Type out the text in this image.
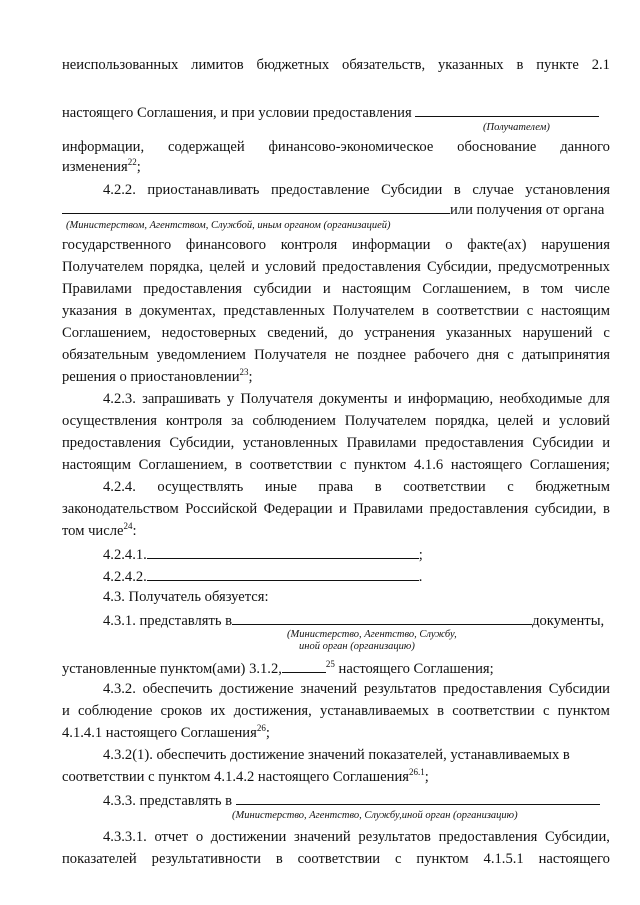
неиспользованных лимитов бюджетных обязательств, указанных в пункте 2.1
настоящего Соглашения, и при условии предоставления
(Получателем)
информации, содержащей финансово-экономическое обоснование данного
изменения$^{22}$;
4.2.2. приостанавливать предоставление Субсидии в случае установления
или получения от органа
(Министерством, Агентством, Службой, иным органом (организацией)
государственного финансового контроля информации о факте(ах) нарушения
Получателем порядка, целей и условий предоставления Субсидии, предусмотренных
Правилами предоставления субсидии и настоящим Соглашением, в том числе
указания в документах, представленных Получателем в соответствии с настоящим
Соглашением, недостоверных сведений, до устранения указанных нарушений с
обязательным уведомлением Получателя не позднее рабочего дня с датыпринятия
решения о приостановлении$^{23}$;
4.2.3. запрашивать у Получателя документы и информацию, необходимые для
осуществления контроля за соблюдением Получателем порядка, целей и условий
предоставления Субсидии, установленных Правилами предоставления Субсидии и
настоящим Соглашением, в соответствии с пунктом 4.1.6 настоящего Соглашения;
4.2.4. осуществлять иные права в соответствии с бюджетным
законодательством Российской Федерации и Правилами предоставления субсидии, в
том числе$^{24}$:
4.2.4.1.	;
4.2.4.2.	.
4.3. Получатель обязуется:
4.3.1. представлять в	документы,
(Министерство, Агентство, Службу,
иной орган (организацию)
установленные пунктом(ами) 3.1.2,	$^{25}$ настоящего Соглашения;
4.3.2. обеспечить достижение значений результатов предоставления Субсидии
и соблюдение сроков их достижения, устанавливаемых в соответствии с пунктом
4.1.4.1 настоящего Соглашения$^{26}$;
4.3.2(1). обеспечить достижение значений показателей, устанавливаемых в
соответствии с пунктом 4.1.4.2 настоящего Соглашения$^{26.1}$;
4.3.3. представлять в
(Министерство, Агентство, Службу,иной орган (организацию)
4.3.3.1. отчет о достижении значений результатов предоставления Субсидии,
показателей результативности в соответствии с пунктом 4.1.5.1 настоящего
